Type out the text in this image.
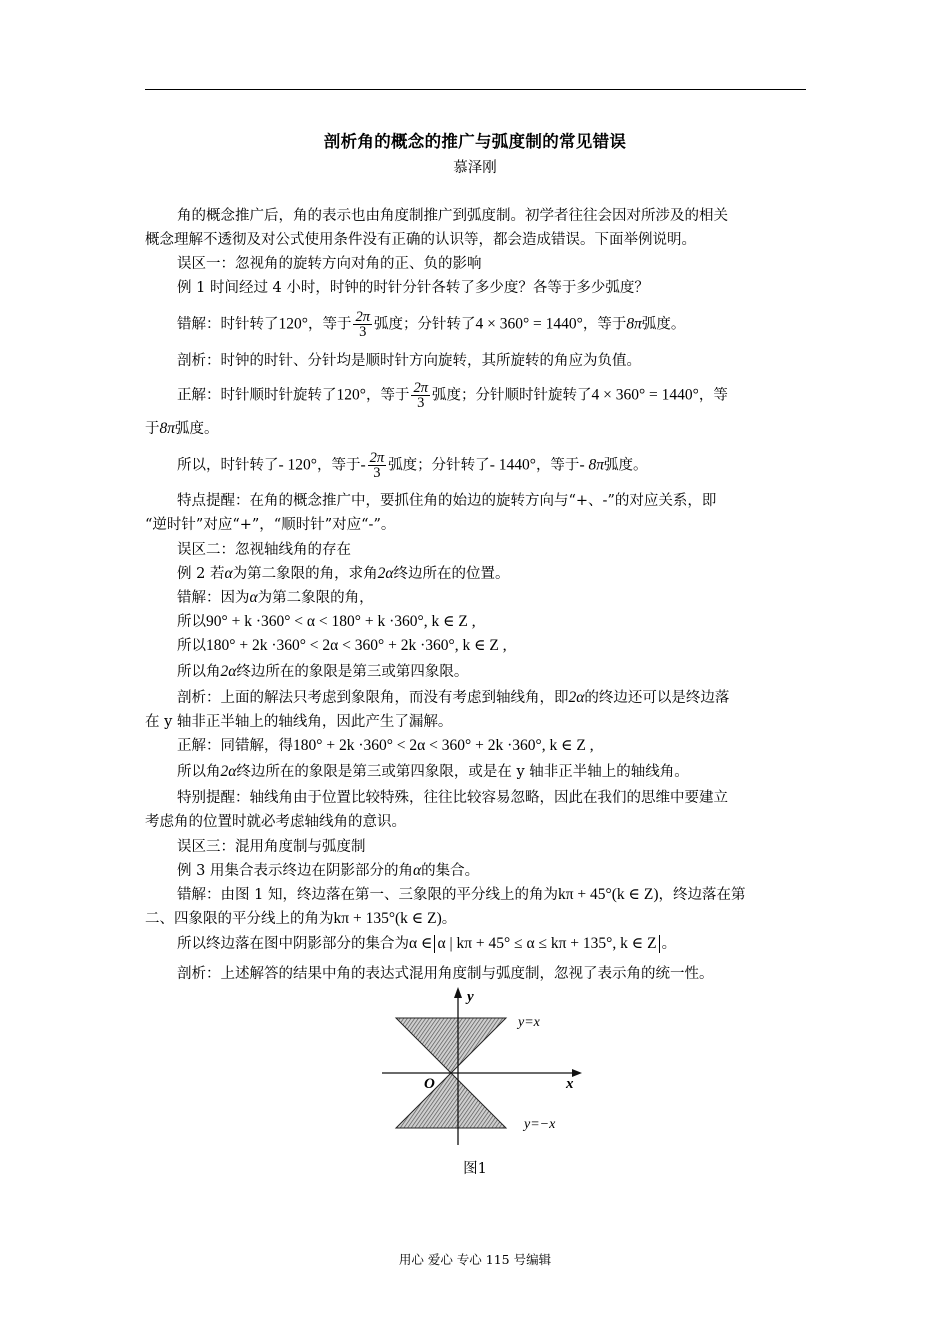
剖析角的概念的推广与弧度制的常见错误
慕泽刚
角的概念推广后，角的表示也由角度制推广到弧度制。初学者往往会因对所涉及的相关
概念理解不透彻及对公式使用条件没有正确的认识等，都会造成错误。下面举例说明。
误区一：忽视角的旋转方向对角的正、负的影响
例 1 时间经过 4 小时，时钟的时针分针各转了多少度？各等于多少弧度？
错解：时针转了120°，等于 $\frac{2\pi}{3}$ 弧度；分针转了4 × 360° = 1440°，等于8π弧度。
剖析：时钟的时针、分针均是顺时针方向旋转，其所旋转的角应为负值。
正解：时针顺时针旋转了120°，等于 $\frac{2\pi}{3}$ 弧度；分针顺时针旋转了4 × 360° = 1440°，等
于8π弧度。
所以，时针转了- 120°，等于- $\frac{2\pi}{3}$ 弧度；分针转了- 1440°，等于- 8π弧度。
特点提醒：在角的概念推广中，要抓住角的始边的旋转方向与“+、-”的对应关系，即
“逆时针”对应“+”，“顺时针”对应“-”。
误区二：忽视轴线角的存在
例 2 若α为第二象限的角，求角2α终边所在的位置。
错解：因为α为第二象限的角，
所以90° + k ·360° < α < 180° + k ·360°, k ∈ Z ,
所以180° + 2k ·360° < 2α < 360° + 2k ·360°, k ∈ Z ,
所以角2α终边所在的象限是第三或第四象限。
剖析：上面的解法只考虑到象限角，而没有考虑到轴线角，即2α的终边还可以是终边落
在 y 轴非正半轴上的轴线角，因此产生了漏解。
正解：同错解，得180° + 2k ·360° < 2α < 360° + 2k ·360°, k ∈ Z ,
所以角2α终边所在的象限是第三或第四象限，或是在 y 轴非正半轴上的轴线角。
特别提醒：轴线角由于位置比较特殊，往往比较容易忽略，因此在我们的思维中要建立
考虑角的位置时就必考虑轴线角的意识。
误区三：混用角度制与弧度制
例 3 用集合表示终边在阴影部分的角α的集合。
错解：由图 1 知，终边落在第一、三象限的平分线上的角为kπ + 45°(k ∈ Z)，终边落在第
二、四象限的平分线上的角为kπ + 135°(k ∈ Z)。
所以终边落在图中阴影部分的集合为α ∈ α | kπ + 45° ≤ α ≤ kπ + 135°, k ∈ Z 。
剖析：上述解答的结果中角的表达式混用角度制与弧度制，忽视了表示角的统一性。
y
x
O
y=x
y=−x
图1
用心 爱心 专心 115 号编辑
